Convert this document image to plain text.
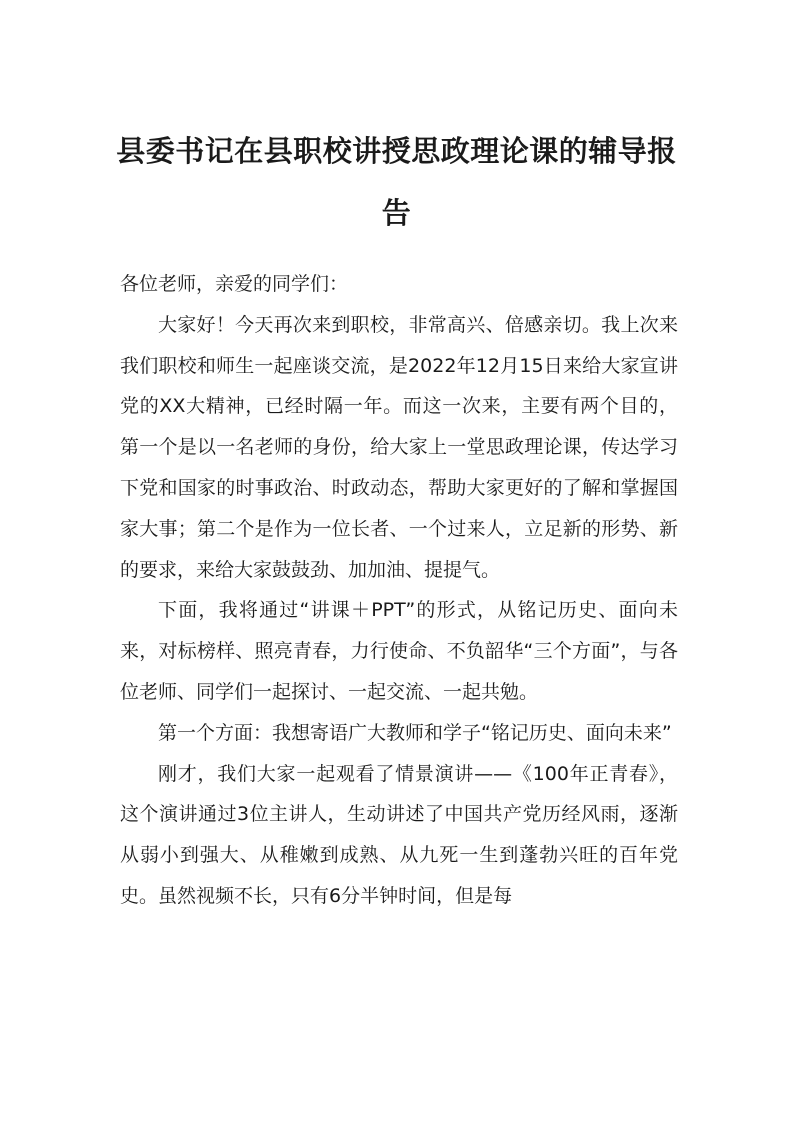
县委书记在县职校讲授思政理论课的辅导报告

各位老师，亲爱的同学们：

大家好！今天再次来到职校，非常高兴、倍感亲切。我上次来我们职校和师生一起座谈交流，是2022年12月15日来给大家宣讲党的XX大精神，已经时隔一年。而这一次来，主要有两个目的，第一个是以一名老师的身份，给大家上一堂思政理论课，传达学习下党和国家的时事政治、时政动态，帮助大家更好的了解和掌握国家大事；第二个是作为一位长者、一个过来人，立足新的形势、新的要求，来给大家鼓鼓劲、加加油、提提气。

下面，我将通过“讲课＋PPT”的形式，从铭记历史、面向未来，对标榜样、照亮青春，力行使命、不负韶华“三个方面”，与各位老师、同学们一起探讨、一起交流、一起共勉。

第一个方面：我想寄语广大教师和学子“铭记历史、面向未来”

刚才，我们大家一起观看了情景演讲——《100年正青春》，这个演讲通过3位主讲人，生动讲述了中国共产党历经风雨，逐渐从弱小到强大、从稚嫩到成熟、从九死一生到蓬勃兴旺的百年党史。虽然视频不长，只有6分半钟时间，但是每
